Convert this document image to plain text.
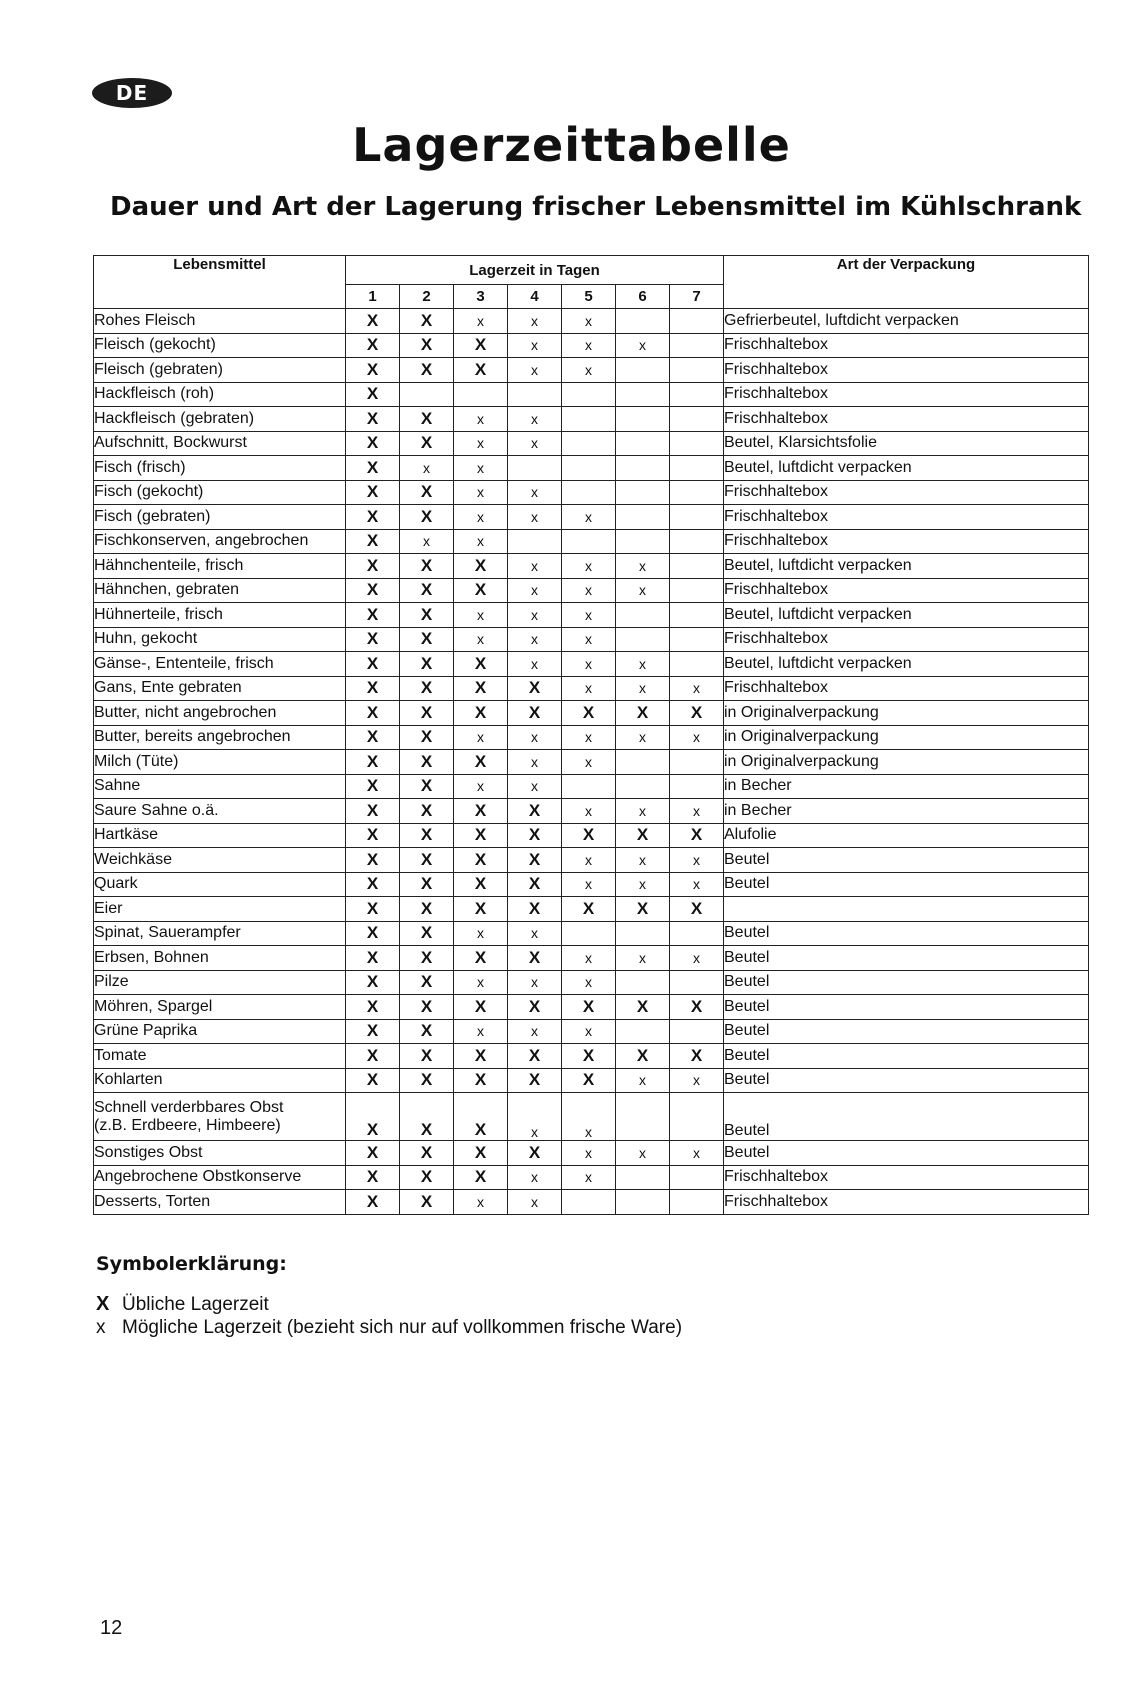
DE
Lagerzeittabelle
Dauer und Art der Lagerung frischer Lebensmittel im Kühlschrank
Lebensmittel	Lagerzeit in Tagen							Art der Verpackung
	1	2	3	4	5	6	7	

Rohes Fleisch	X	X	x	x	x			Gefrierbeutel, luftdicht verpacken

Fleisch (gekocht)	X	X	X	x	x	x		Frischhaltebox

Fleisch (gebraten)	X	X	X	x	x			Frischhaltebox

Hackfleisch (roh)	X							Frischhaltebox

Hackfleisch (gebraten)	X	X	x	x				Frischhaltebox

Aufschnitt, Bockwurst	X	X	x	x				Beutel, Klarsichtsfolie

Fisch (frisch)	X	x	x					Beutel, luftdicht verpacken

Fisch (gekocht)	X	X	x	x				Frischhaltebox

Fisch (gebraten)	X	X	x	x	x			Frischhaltebox

Fischkonserven, angebrochen	X	x	x					Frischhaltebox

Hähnchenteile, frisch	X	X	X	x	x	x		Beutel, luftdicht verpacken

Hähnchen, gebraten	X	X	X	x	x	x		Frischhaltebox

Hühnerteile, frisch	X	X	x	x	x			Beutel, luftdicht verpacken

Huhn, gekocht	X	X	x	x	x			Frischhaltebox

Gänse-, Ententeile, frisch	X	X	X	x	x	x		Beutel, luftdicht verpacken

Gans, Ente gebraten	X	X	X	X	x	x	x	Frischhaltebox

Butter, nicht angebrochen	X	X	X	X	X	X	X	in Originalverpackung

Butter, bereits angebrochen	X	X	x	x	x	x	x	in Originalverpackung

Milch (Tüte)	X	X	X	x	x			in Originalverpackung

Sahne	X	X	x	x				in Becher

Saure Sahne o.ä.	X	X	X	X	x	x	x	in Becher

Hartkäse	X	X	X	X	X	X	X	Alufolie

Weichkäse	X	X	X	X	x	x	x	Beutel

Quark	X	X	X	X	x	x	x	Beutel

Eier	X	X	X	X	X	X	X	

Spinat, Sauerampfer	X	X	x	x				Beutel

Erbsen, Bohnen	X	X	X	X	x	x	x	Beutel

Pilze	X	X	x	x	x			Beutel

Möhren, Spargel	X	X	X	X	X	X	X	Beutel

Grüne Paprika	X	X	x	x	x			Beutel

Tomate	X	X	X	X	X	X	X	Beutel

Kohlarten	X	X	X	X	X	x	x	Beutel

Schnell verderbbares Obst
(z.B. Erdbeere, Himbeere)	X	X	X	x	x			Beutel

Sonstiges Obst	X	X	X	X	x	x	x	Beutel

Angebrochene Obstkonserve	X	X	X	x	x			Frischhaltebox

Desserts, Torten	X	X	x	x				Frischhaltebox
Symbolerklärung:
X Übliche Lagerzeit
x Mögliche Lagerzeit (bezieht sich nur auf vollkommen frische Ware)
12
